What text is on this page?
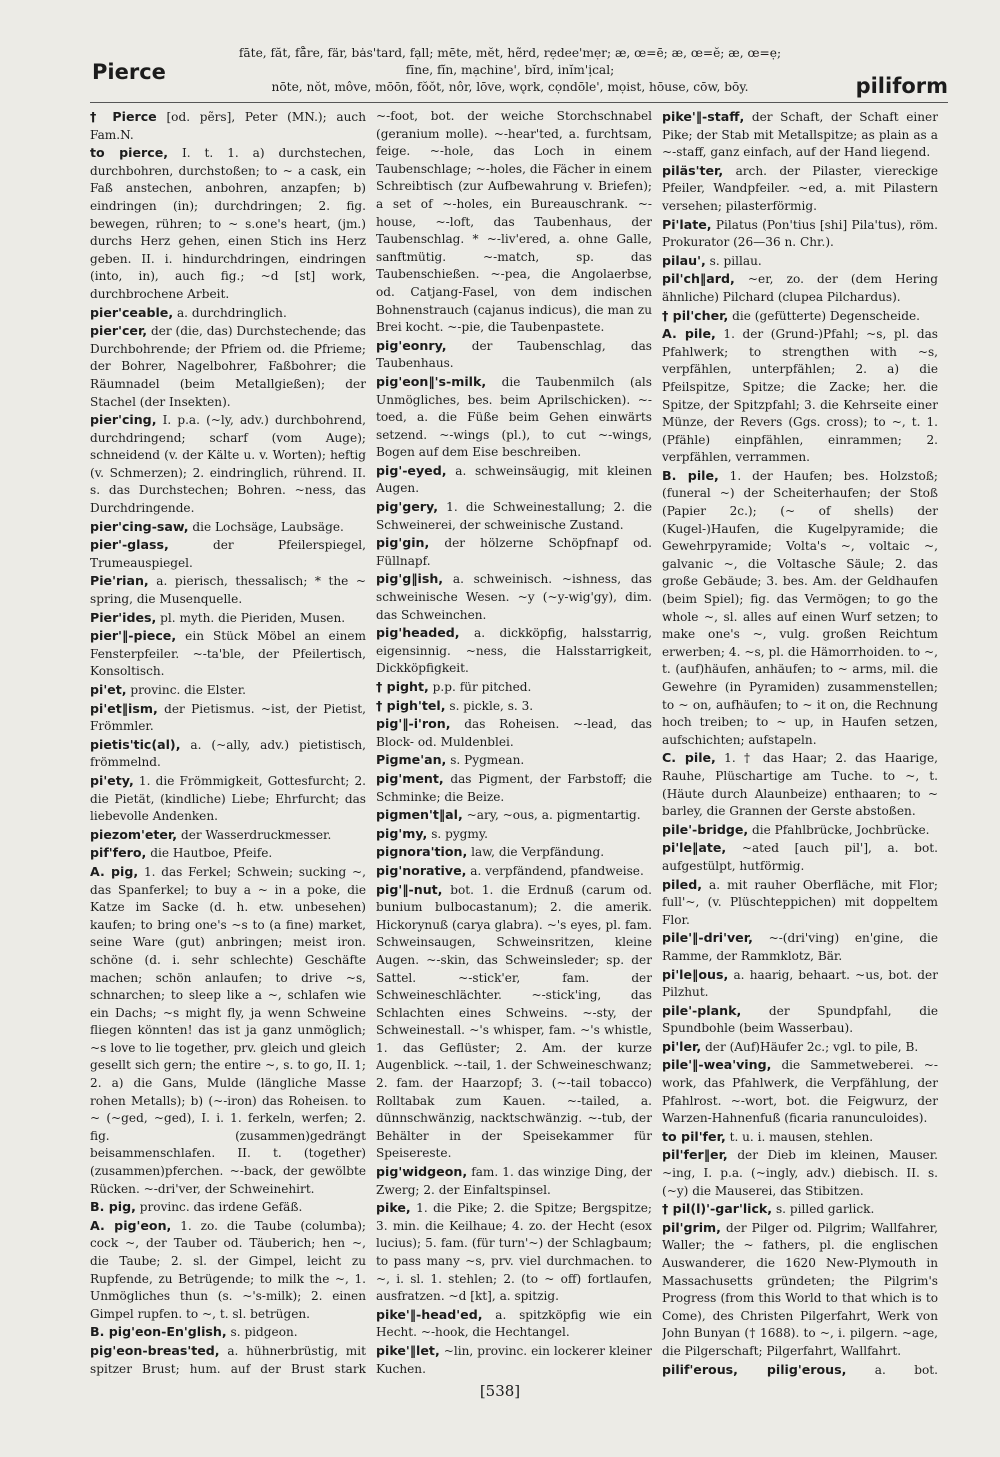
Pierce
fāte, făt, få̄re, fär, bȧs'tard, fạll; mēte, mĕt, hẽrd, rẹdee'mẹr; æ, œ=ē; æ, œ=ĕ; æ, œ=ẹ;
fīne, fĭn, mạchine', bĭrd, inĭm'ịcal;
nōte, nŏt, môve, mōōn, fŏŏt, nôr, lōve, wǫrk, cọndōle', mọist, hōuse, cōw, bōy.	piliform

† Pierce [od. pẽrs], Peter (MN.); auch Fam.N.

to pierce, I. t. 1. a) durchstechen, durchbohren, durchstoßen; to ~ a cask, ein Faß anstechen, anbohren, anzapfen; b) eindringen (in); durchdringen; 2. fig. bewegen, rühren; to ~ s.one's heart, (jm.) durchs Herz gehen, einen Stich ins Herz geben. II. i. hindurchdringen, eindringen (into, in), auch fig.; ~d [st] work, durchbrochene Arbeit.

pier'ceable, a. durchdringlich.

pier'cer, der (die, das) Durchstechende; das Durchbohrende; der Pfriem od. die Pfrieme; der Bohrer, Nagelbohrer, Faßbohrer; die Räumnadel (beim Metallgießen); der Stachel (der Insekten).

pier'cing, I. p.a. (~ly, adv.) durchbohrend, durchdringend; scharf (vom Auge); schneidend (v. der Kälte u. v. Worten); heftig (v. Schmerzen); 2. eindringlich, rührend. II. s. das Durchstechen; Bohren. ~ness, das Durchdringende.

pier'cing-saw, die Lochsäge, Laubsäge.

pier'-glass,	der Pfeilerspiegel, Trumeauspiegel.

Pie'rian, a. pierisch, thessalisch; * the ~ spring, die Musenquelle.

Pier'ides, pl. myth. die Pieriden, Musen.

pier'‖-piece, ein Stück Möbel an einem Fensterpfeiler. ~-ta'ble, der Pfeilertisch, Konsoltisch.

pi'et, provinc. die Elster.

pi'et‖ism, der Pietismus. ~ist, der Pietist, Frömmler.

pietis'tic(al), a. (~ally, adv.) pietistisch, frömmelnd.

pi'ety, 1. die Frömmigkeit, Gottesfurcht; 2. die Pietät, (kindliche) Liebe; Ehrfurcht; das liebevolle Andenken.

piezom'eter, der Wasserdruckmesser.

pif'fero, die Hautboe, Pfeife.

A. pig, 1. das Ferkel; Schwein; sucking ~, das Spanferkel; to buy a ~ in a poke, die Katze im Sacke (d. h. etw. unbesehen) kaufen; to bring one's ~s to (a fine) market, seine Ware (gut) anbringen; meist iron. schöne (d. i. sehr schlechte) Geschäfte machen; schön anlaufen; to drive ~s, schnarchen; to sleep like a ~, schlafen wie ein Dachs; ~s might fly, ja wenn Schweine fliegen könnten! das ist ja ganz unmöglich; ~s love to lie together, prv. gleich und gleich gesellt sich gern; the entire ~, s. to go, II. 1; 2. a) die Gans, Mulde (längliche Masse rohen Metalls); b) (~-iron) das Roheisen. to ~ (~ged, ~ged), I. i. 1. ferkeln, werfen; 2. fig. (zusammen)gedrängt beisammenschlafen. II. t. (together) (zusammen)pferchen. ~-back, der gewölbte Rücken. ~-dri'ver, der Schweinehirt.

B. pig, provinc. das irdene Gefäß.

A. pig'eon, 1. zo. die Taube (columba); cock ~, der Tauber od. Täuberich; hen ~, die Taube; 2. sl. der Gimpel, leicht zu Rupfende, zu Betrügende; to milk the ~, 1. Unmögliches thun (s. ~'s-milk); 2. einen Gimpel rupfen. to ~, t. sl. betrügen.

B. pig'eon-En'glish, s. pidgeon.

pig'eon-breas'ted, a. hühnerbrüstig, mit spitzer Brust; hum. auf der Brust stark

~-foot, bot. der weiche Storchschnabel (geranium molle). ~-hear'ted, a. furchtsam, feige. ~-hole, das Loch in einem Taubenschlage; ~-holes, die Fächer in einem Schreibtisch (zur Aufbewahrung v. Briefen); a set of ~-holes, ein Bureauschrank. ~-house, ~-loft, das Taubenhaus, der Taubenschlag. * ~-liv'ered, a. ohne Galle, sanftmütig. ~-match, sp. das Taubenschießen. ~-pea, die Angolaerbse, od. Catjang-Fasel, von dem indischen Bohnenstrauch (cajanus indicus), die man zu Brei kocht. ~-pie, die Taubenpastete.

pig'eonry, der Taubenschlag, das Taubenhaus.

pig'eon‖'s-milk, die Taubenmilch (als Unmögliches, bes. beim Aprilschicken). ~-toed, a. die Füße beim Gehen einwärts setzend. ~-wings (pl.), to cut ~-wings, Bogen auf dem Eise beschreiben.

pig'-eyed, a. schweinsäugig, mit kleinen Augen.

pig'gery, 1. die Schweinestallung; 2. die Schweinerei, der schweinische Zustand.

pig'gin, der hölzerne Schöpfnapf od. Füllnapf.

pig'g‖ish, a. schweinisch. ~ishness, das schweinische Wesen. ~y (~y-wig'gy), dim. das Schweinchen.

pig'headed, a. dickköpfig, halsstarrig, eigensinnig. ~ness, die Halsstarrigkeit, Dickköpfigkeit.

† pight, p.p. für pitched.

† pigh'tel, s. pickle, s. 3.

pig'‖-i'ron, das Roheisen. ~-lead, das Block- od. Muldenblei.

Pigme'an, s. Pygmean.

pig'ment, das Pigment, der Farbstoff; die Schminke; die Beize.

pigmen't‖al, ~ary, ~ous, a. pigmentartig.

pig'my, s. pygmy.

pignora'tion, law, die Verpfändung.

pig'norative, a. verpfändend, pfandweise.

pig'‖-nut, bot. 1. die Erdnuß (carum od. bunium bulbocastanum); 2. die amerik. Hickorynuß (carya glabra). ~'s eyes, pl. fam. Schweinsaugen, Schweinsritzen, kleine Augen. ~-skin, das Schweinsleder; sp. der Sattel. ~-stick'er, fam. der Schweineschlächter. ~-stick'ing, das Schlachten eines Schweins. ~-sty, der Schweinestall. ~'s whisper, fam. ~'s whistle, 1. das Geflüster; 2. Am. der kurze Augenblick. ~-tail, 1. der Schweineschwanz; 2. fam. der Haarzopf; 3. (~-tail tobacco) Rolltabak zum Kauen. ~-tailed, a. dünnschwänzig, nacktschwänzig. ~-tub, der Behälter in der Speisekammer für Speisereste.

pig'widgeon, fam. 1. das winzige Ding, der Zwerg; 2. der Einfaltspinsel.

pike, 1. die Pike; 2. die Spitze; Bergspitze; 3. min. die Keilhaue; 4. zo. der Hecht (esox lucius); 5. fam. (für turn'~) der Schlagbaum; to pass many ~s, prv. viel durchmachen. to ~, i. sl. 1. stehlen; 2. (to ~ off) fortlaufen, ausfratzen. ~d [kt], a. spitzig.

pike'‖-head'ed, a. spitzköpfig wie ein Hecht. ~-hook, die Hechtangel.

pike'‖let, ~lin, provinc. ein lockerer kleiner Kuchen.

pike'‖-staff, der Schaft, der Schaft einer Pike; der Stab mit Metallspitze; as plain as a ~-staff, ganz einfach, auf der Hand liegend.

piläs'ter, arch. der Pilaster, viereckige Pfeiler, Wandpfeiler. ~ed, a. mit Pilastern versehen; pilasterförmig.

Pi'late, Pilatus (Pon'tius [shi] Pila'tus), röm. Prokurator (26—36 n. Chr.).

pilau', s. pillau.

pil'ch‖ard, ~er, zo. der (dem Hering ähnliche) Pilchard (clupea Pilchardus).

† pil'cher, die (gefütterte) Degenscheide.

A. pile, 1. der (Grund-)Pfahl; ~s, pl. das Pfahlwerk; to strengthen with ~s, verpfählen, unterpfählen; 2. a) die Pfeilspitze, Spitze; die Zacke; her. die Spitze, der Spitzpfahl; 3. die Kehrseite einer Münze, der Revers (Ggs. cross); to ~, t. 1. (Pfähle) einpfählen, einrammen; 2. verpfählen, verrammen.

B. pile, 1. der Haufen; bes. Holzstoß; (funeral ~) der Scheiterhaufen; der Stoß (Papier 2c.); (~ of shells) der (Kugel-)Haufen, die Kugelpyramide; die Gewehrpyramide; Volta's ~, voltaic ~, galvanic ~, die Voltasche Säule; 2. das große Gebäude; 3. bes. Am. der Geldhaufen (beim Spiel); fig. das Vermögen; to go the whole ~, sl. alles auf einen Wurf setzen; to make one's ~, vulg. großen Reichtum erwerben; 4. ~s, pl. die Hämorrhoiden. to ~, t. (auf)häufen, anhäufen; to ~ arms, mil. die Gewehre (in Pyramiden) zusammenstellen; to ~ on, aufhäufen; to ~ it on, die Rechnung hoch treiben; to ~ up, in Haufen setzen, aufschichten; aufstapeln.

C. pile, 1. † das Haar; 2. das Haarige, Rauhe, Plüschartige am Tuche. to ~, t. (Häute durch Alaunbeize) enthaaren; to ~ barley, die Grannen der Gerste abstoßen.

pile'-bridge, die Pfahlbrücke, Jochbrücke.

pi'le‖ate, ~ated [auch pil'], a. bot. aufgestülpt, hutförmig.

piled, a. mit rauher Oberfläche, mit Flor; full'~, (v. Plüschteppichen) mit doppeltem Flor.

pile'‖-dri'ver, ~-(dri'ving) en'gine, die Ramme, der Rammklotz, Bär.

pi'le‖ous, a. haarig, behaart. ~us, bot. der Pilzhut.

pile'-plank, der Spundpfahl, die Spundbohle (beim Wasserbau).

pi'ler, der (Auf)Häufer 2c.; vgl. to pile, B.

pile'‖-wea'ving, die Sammetweberei. ~-work, das Pfahlwerk, die Verpfählung, der Pfahlrost. ~-wort, bot. die Feigwurz, der Warzen-Hahnenfuß (ficaria ranunculoides).

to pil'fer, t. u. i. mausen, stehlen.

pil'fer‖er, der Dieb im kleinen, Mauser. ~ing, I. p.a. (~ingly, adv.) diebisch. II. s. (~y) die Mauserei, das Stibitzen.

† pil(l)'-gar'lick, s. pilled garlick.

pil'grim, der Pilger od. Pilgrim; Wallfahrer, Waller; the ~ fathers, pl. die englischen Auswanderer, die 1620 New-Plymouth in Massachusetts gründeten; the Pilgrim's Progress (from this World to that which is to Come), des Christen Pilgerfahrt, Werk von John Bunyan († 1688). to ~, i. pilgern. ~age, die Pilgerschaft; Pilgerfahrt, Wallfahrt.

pilif'erous, pilig'erous, a. bot.

[538]
